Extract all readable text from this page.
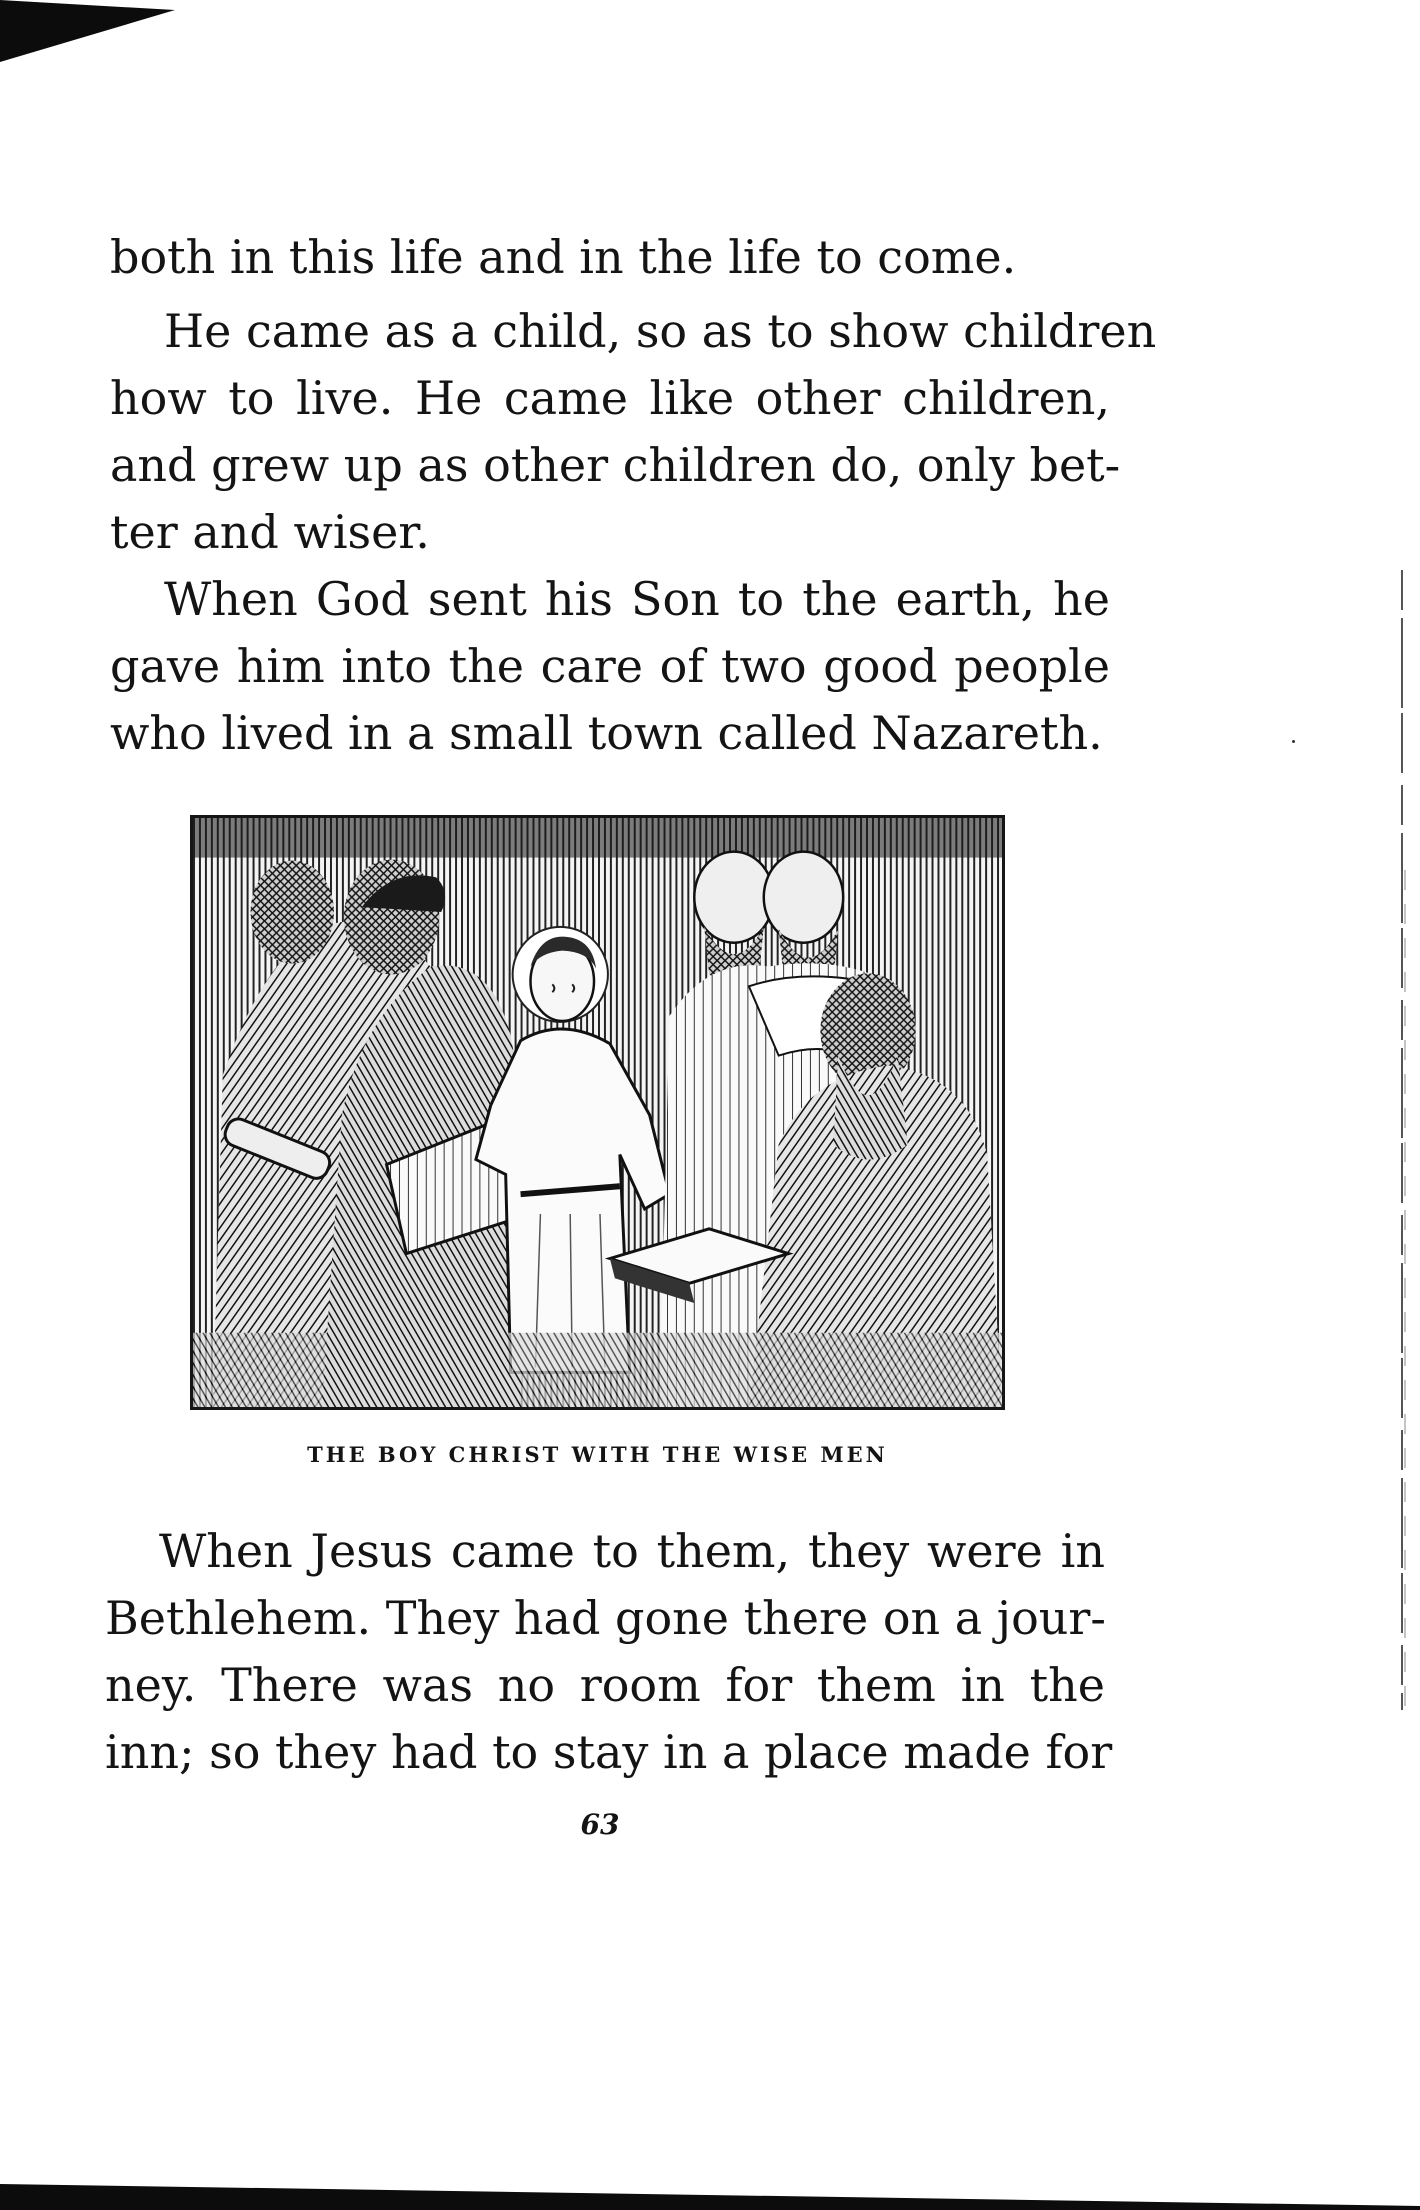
both in this life and in the life to come.

He came as a child, so as to show children
how to live. He came like other children,
and grew up as other children do, only bet-
ter and wiser.

When God sent his Son to the earth, he
gave him into the care of two good people
who lived in a small town called Nazareth.

THE BOY CHRIST WITH THE WISE MEN

When Jesus came to them, they were in
Bethlehem. They had gone there on a jour-
ney. There was no room for them in the
inn; so they had to stay in a place made for

63
